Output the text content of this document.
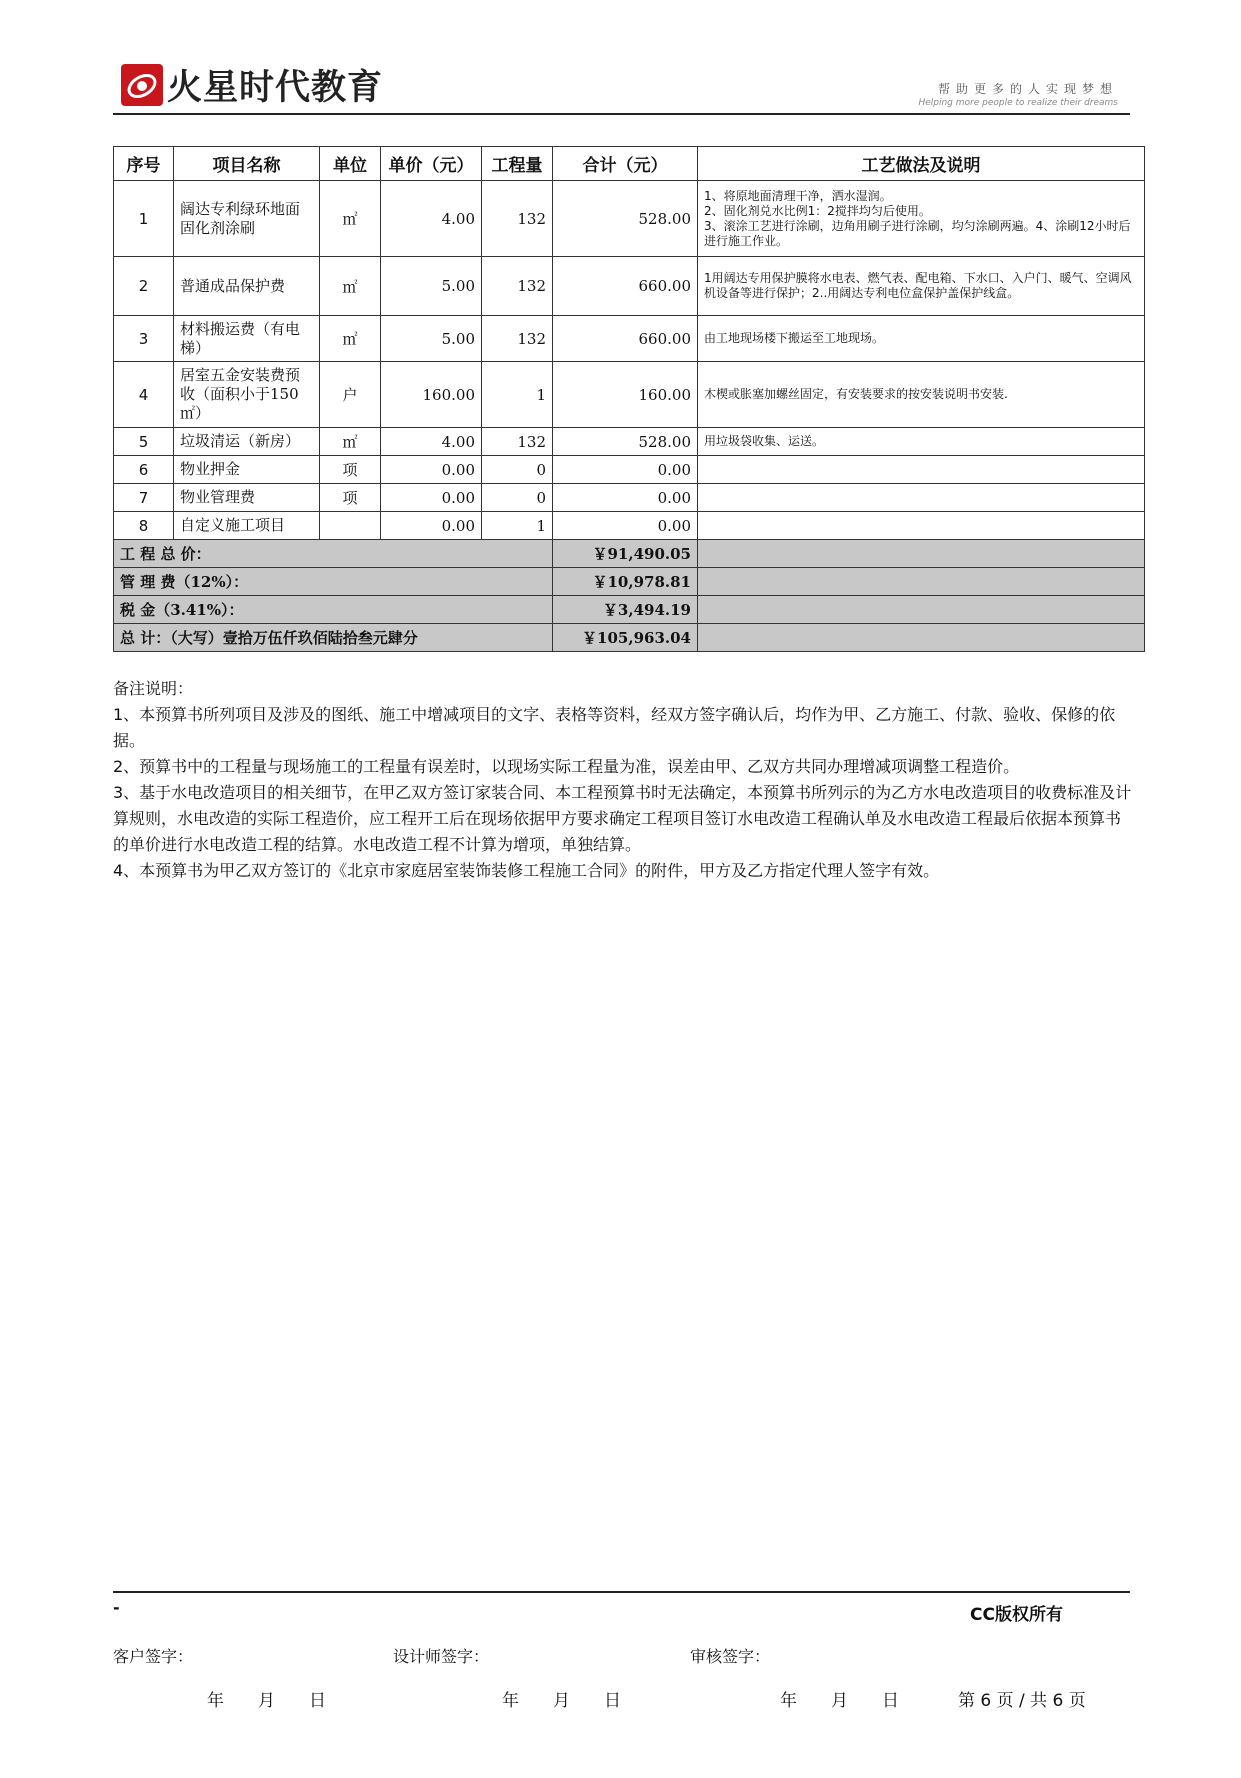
火星时代教育	帮助更多的人实现梦想
Helping more people to realize their dreams
序号	项目名称	单位	单价（元）	工程量	合计（元）	工艺做法及说明
1	阔达专利绿环地面固化剂涂刷	㎡	4.00	132	528.00	1、将原地面清理干净，洒水湿润。
2、固化剂兑水比例1：2搅拌均匀后使用。
3、滚涂工艺进行涂刷，边角用刷子进行涂刷，均匀涂刷两遍。4、涂刷12小时后进行施工作业。
2	普通成品保护费	㎡	5.00	132	660.00	1用阔达专用保护膜将水电表、燃气表、配电箱、下水口、入户门、暖气、空调风机设备等进行保护；2..用阔达专利电位盒保护盖保护线盒。
3	材料搬运费（有电梯）	㎡	5.00	132	660.00	由工地现场楼下搬运至工地现场。
4	居室五金安装费预收（面积小于150㎡）	户	160.00	1	160.00	木楔或胀塞加螺丝固定，有安装要求的按安装说明书安装.
5	垃圾清运（新房）	㎡	4.00	132	528.00	用垃圾袋收集、运送。
6	物业押金	项	0.00	0	0.00	
7	物业管理费	项	0.00	0	0.00	
8	自定义施工项目		0.00	1	0.00	
工 程 总 价：					￥91,490.05	
管 理 费（12%）：					￥10,978.81	
税 金（3.41%）：					￥3,494.19	
总 计：（大写）壹拾万伍仟玖佰陆拾叁元肆分					￥105,963.04	

备注说明：

1、本预算书所列项目及涉及的图纸、施工中增减项目的文字、表格等资料，经双方签字确认后，均作为甲、乙方施工、付款、验收、保修的依据。

2、预算书中的工程量与现场施工的工程量有误差时，以现场实际工程量为准，误差由甲、乙双方共同办理增减项调整工程造价。

3、基于水电改造项目的相关细节，在甲乙双方签订家装合同、本工程预算书时无法确定，本预算书所列示的为乙方水电改造项目的收费标准及计算规则，水电改造的实际工程造价，应工程开工后在现场依据甲方要求确定工程项目签订水电改造工程确认单及水电改造工程最后依据本预算书的单价进行水电改造工程的结算。水电改造工程不计算为增项，单独结算。

4、本预算书为甲乙双方签订的《北京市家庭居室装饰装修工程施工合同》的附件，甲方及乙方指定代理人签字有效。

-	CC版权所有
客户签字：	设计师签字：	审核签字：
年　　月　　日	年　　月　　日	年　　月　　日	第 6 页 / 共 6 页
